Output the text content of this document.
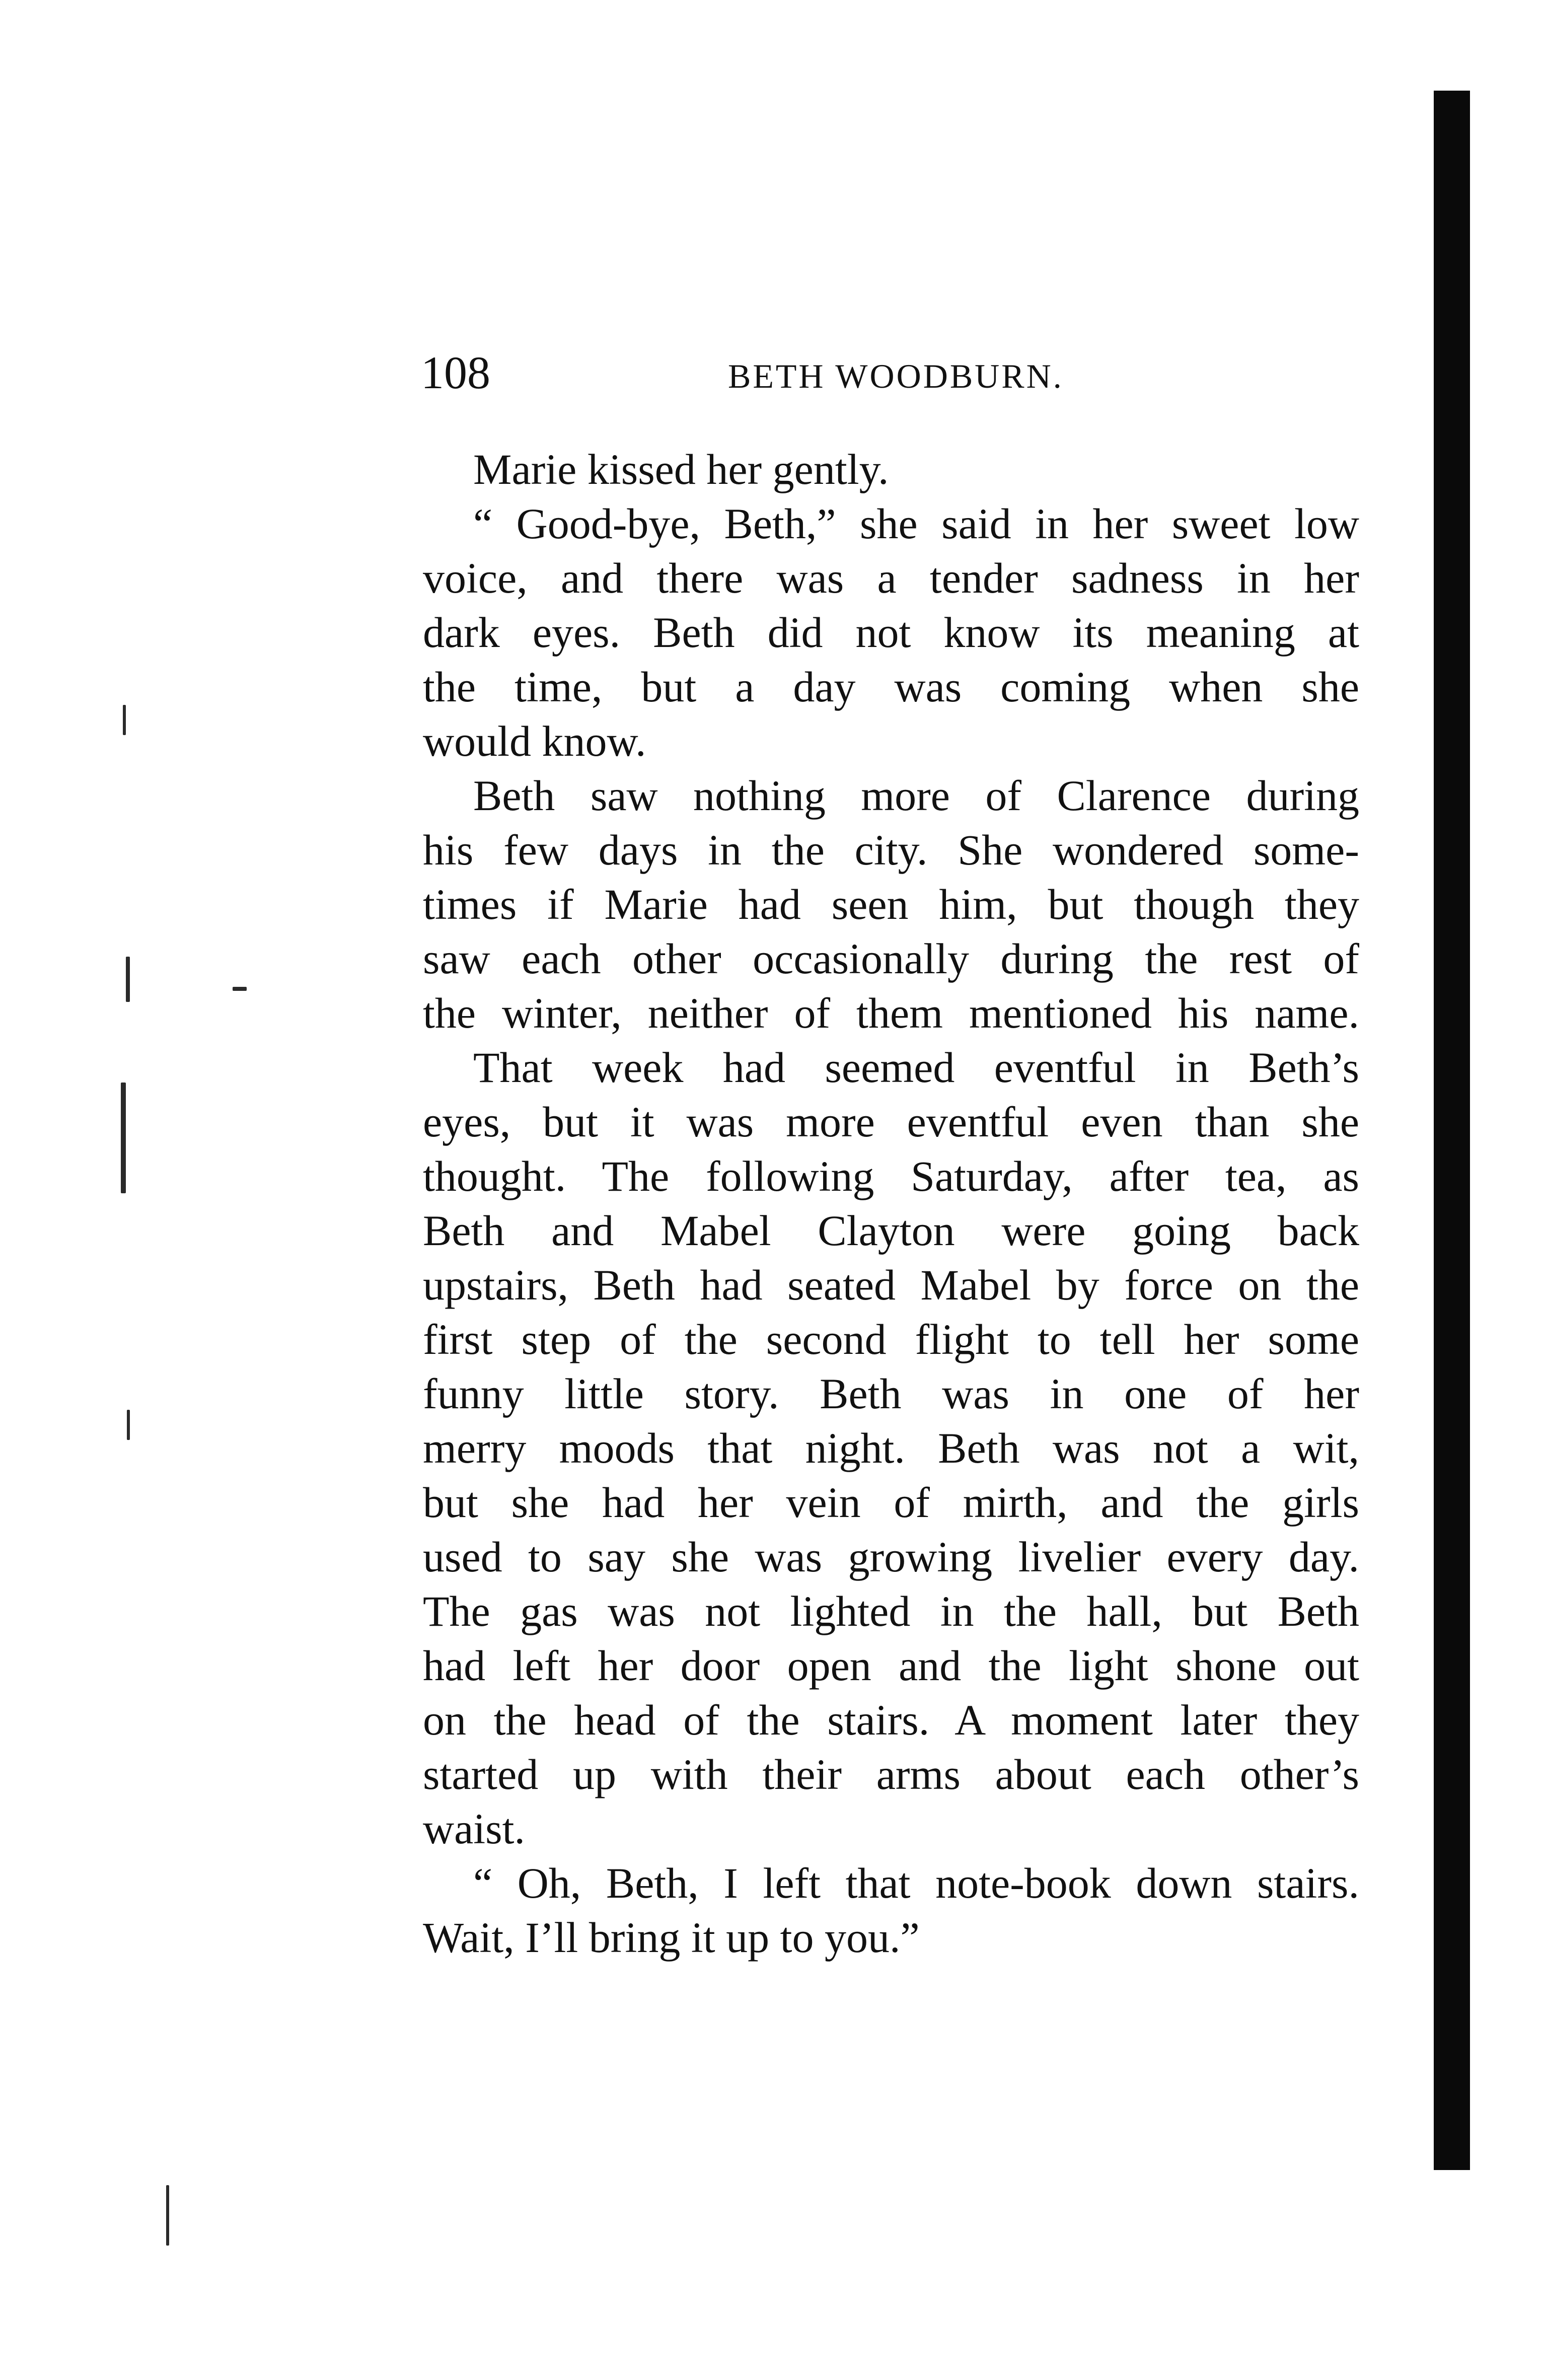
108	BETH WOODBURN.
Marie kissed her gently.
“ Good-bye, Beth,” she said in her sweet low
voice, and there was a tender sadness in her
dark eyes. Beth did not know its meaning at
the time, but a day was coming when she
would know.
Beth saw nothing more of Clarence during
his few days in the city. She wondered some-
times if Marie had seen him, but though they
saw each other occasionally during the rest of
the winter, neither of them mentioned his name.
That week had seemed eventful in Beth’s
eyes, but it was more eventful even than she
thought. The following Saturday, after tea, as
Beth and Mabel Clayton were going back
upstairs, Beth had seated Mabel by force on the
first step of the second flight to tell her some
funny little story. Beth was in one of her
merry moods that night. Beth was not a wit,
but she had her vein of mirth, and the girls
used to say she was growing livelier every day.
The gas was not lighted in the hall, but Beth
had left her door open and the light shone out
on the head of the stairs. A moment later they
started up with their arms about each other’s
waist.
“ Oh, Beth, I left that note-book down stairs.
Wait, I’ll bring it up to you.”
